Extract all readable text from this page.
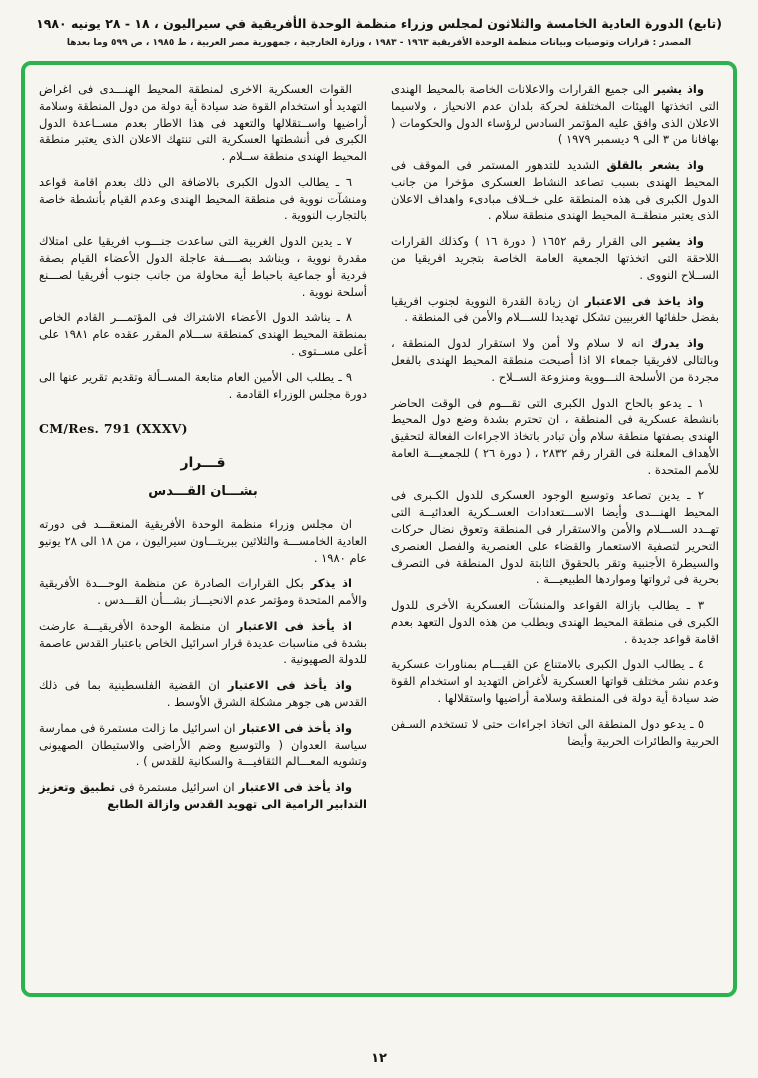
(تابع) الدورة العادية الخامسة والثلاثون لمجلس وزراء منظمة الوحدة الأفريقية في سيراليون ، ١٨ - ٢٨ يونيه ١٩٨٠
المصدر : قرارات وتوصيات وبيانات منظمة الوحدة الأفريقية ١٩٦٣ - ١٩٨٣ ، وزارة الخارجية ، جمهورية مصر العربية ، ط ١٩٨٥ ، ص ٥٩٩ وما بعدها

واذ يشير الى جميع القرارات والاعلانات الخاصة بالمحيط الهندى التى اتخذتها الهيئات المختلفة لحركة بلدان عدم الانحياز ، ولاسيما الاعلان الذى وافق عليه المؤتمر السادس لرؤساء الدول والحكومات ( بهافانا من ٣ الى ٩ ديسمبر ١٩٧٩ )

واذ يشعر بالقلق الشديد للتدهور المستمر فى الموقف فى المحيط الهندى بسبب تصاعد النشاط العسكرى مؤخرا من جانب الدول الكبرى فى هذه المنطقة على خــلاف مبادىء واهداف الاعلان الذى يعتبر منطقــة المحيط الهندى منطقة سلام .

واذ يشير الى القرار رقم ١٦٥٢ ( دورة ١٦ ) وكذلك القرارات اللاحقة التى اتخذتها الجمعية العامة الخاصة بتجريد افريقيا من الســلاح النووى .

واذ ياخذ فى الاعتبار ان زيادة القدرة النووية لجنوب افريقيا بفضل حلفائها الغربيين تشكل تهديدا للســـلام والأمن فى المنطقة .

واذ يدرك انه لا سلام ولا أمن ولا استقرار لدول المنطقة ، وبالتالى لافريقيا جمعاء الا اذا أصبحت منطقة المحيط الهندى بالفعل مجردة من الأسلحة النـــووية ومنزوعة الســلاح .

١ ـ يدعو بالحاح الدول الكبرى التى تقـــوم فى الوقت الحاضر بانشطة عسكرية فى المنطقة ، ان تحترم بشدة وضع دول المحيط الهندى بصفتها منطقة سلام وأن تبادر باتخاذ الاجراءات الفعالة لتحقيق الأهداف المعلنة فى القرار رقم ٢٨٣٢ ، ( دورة ٢٦ ) للجمعيـــة العامة للأمم المتحدة .

٢ ـ يدين تصاعد وتوسيع الوجود العسكرى للدول الكـبرى فى المحيط الهنـــدى وأيضا الاســـتعدادات العســكرية العدائيــة التى تهــدد الســـلام والأمن والاستقرار فى المنطقة وتعوق نضال حركات التحرير لتصفية الاستعمار والقضاء على العنصرية والفصل العنصرى والسيطرة الأجنبية وتقر بالحقوق الثابتة لدول المنطقة فى التصرف بحرية فى ثرواتها ومواردها الطبيعيـــة .

٣ ـ يطالب بازالة القواعد والمنشآت العسكرية الأخرى للدول الكبرى فى منطقة المحيط الهندى ويطلب من هذه الدول التعهد بعدم اقامة قواعد جديدة .

٤ ـ يطالب الدول الكبرى بالامتناع عن القيـــام بمناورات عسكرية وعدم نشر مختلف قواتها العسكرية لأغراض التهديد او استخدام القوة ضد سيادة أية دولة فى المنطقة وسلامة أراضيها واستقلالها .

٥ ـ يدعو دول المنطقة الى اتخاذ اجراءات حتى لا تستخدم السـفن الحربية والطائرات الحربية وأيضا

القوات العسكرية الاخرى لمنطقة المحيط الهنـــدى فى اغراض التهديد أو استخدام القوة ضد سيادة أية دولة من دول المنطقة وسلامة أراضيها واســتقلالها والتعهد فى هذا الاطار بعدم مســاعدة الدول الكبرى فى أنشطتها العسكرية التى تنتهك الاعلان الذى يعتبر منطقة المحيط الهندى منطقة ســلام .

٦ ـ يطالب الدول الكبرى بالاضافة الى ذلك بعدم اقامة قواعد ومنشآت نووية فى منطقة المحيط الهندى وعدم القيام بأنشطة خاصة بالتجارب النووية .

٧ ـ يدين الدول الغربية التى ساعدت جنـــوب افريقيا على امتلاك مقدرة نووية ، ويناشد بصــــفة عاجلة الدول الأعضاء القيام بصفة فردية أو جماعية باحباط أية محاولة من جانب جنوب أفريقيا لصـــنع أسلحة نووية .

٨ ـ يناشد الدول الأعضاء الاشتراك فى المؤتمـــر القادم الخاص بمنطقة المحيط الهندى كمنطقة ســـلام المقرر عقده عام ١٩٨١ على أعلى مســتوى .

٩ ـ يطلب الى الأمين العام متابعة المســألة وتقديم تقرير عنها الى دورة مجلس الوزراء القادمة .

CM/Res. 791 (XXXV)
قـــرار
بشـــان القـــدس

ان مجلس وزراء منظمة الوحدة الأفريقية المنعقـــد فى دورته العادية الخامســـة والثلاثين ببريتـــاون سيراليون ، من ١٨ الى ٢٨ يونيو عام ١٩٨٠ .

اذ يذكر بكل القرارات الصادرة عن منظمة الوحـــدة الأفريقية والأمم المتحدة ومؤتمر عدم الانحيـــاز بشـــأن القـــدس .

اذ يأخذ فى الاعتبار ان منظمة الوحدة الأفريقيـــة عارضت بشدة فى مناسبات عديدة قرار اسرائيل الخاص باعتبار القدس عاصمة للدولة الصهيونية .

واذ يأخذ فى الاعتبار ان القضية الفلسطينية بما فى ذلك القدس هى جوهر مشكلة الشرق الأوسط .

واذ يأخذ فى الاعتبار ان اسرائيل ما زالت مستمرة فى ممارسة سياسة العدوان ( والتوسيع وضم الأراضى والاستيطان الصهيونى وتشويه المعـــالم الثقافيـــة والسكانية للقدس ) .

واذ يأخذ فى الاعتبار ان اسرائيل مستمرة فى تطبيق وتعزيز التدابير الرامية الى تهويد القدس وازالة الطابع

١٢
